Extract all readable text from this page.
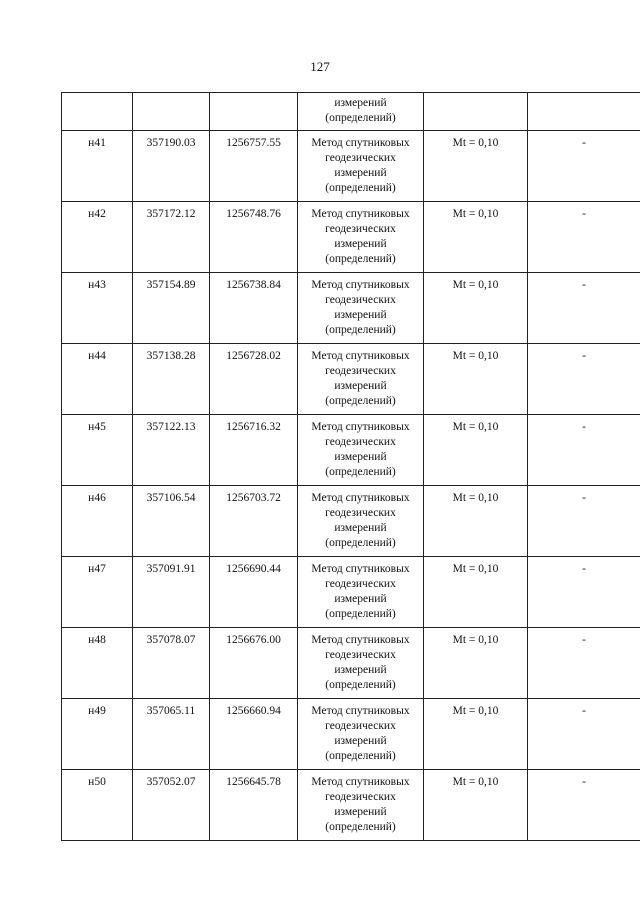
127

			измерений
(определений)		

н41	357190.03	1256757.55	Метод спутниковых
геодезических
измерений
(определений)	Mt = 0,10	-
н42	357172.12	1256748.76	Метод спутниковых
геодезических
измерений
(определений)	Mt = 0,10	-
н43	357154.89	1256738.84	Метод спутниковых
геодезических
измерений
(определений)	Mt = 0,10	-
н44	357138.28	1256728.02	Метод спутниковых
геодезических
измерений
(определений)	Mt = 0,10	-
н45	357122.13	1256716.32	Метод спутниковых
геодезических
измерений
(определений)	Mt = 0,10	-
н46	357106.54	1256703.72	Метод спутниковых
геодезических
измерений
(определений)	Mt = 0,10	-
н47	357091.91	1256690.44	Метод спутниковых
геодезических
измерений
(определений)	Mt = 0,10	-
н48	357078.07	1256676.00	Метод спутниковых
геодезических
измерений
(определений)	Mt = 0,10	-
н49	357065.11	1256660.94	Метод спутниковых
геодезических
измерений
(определений)	Mt = 0,10	-
н50	357052.07	1256645.78	Метод спутниковых
геодезических
измерений
(определений)	Mt = 0,10	-
